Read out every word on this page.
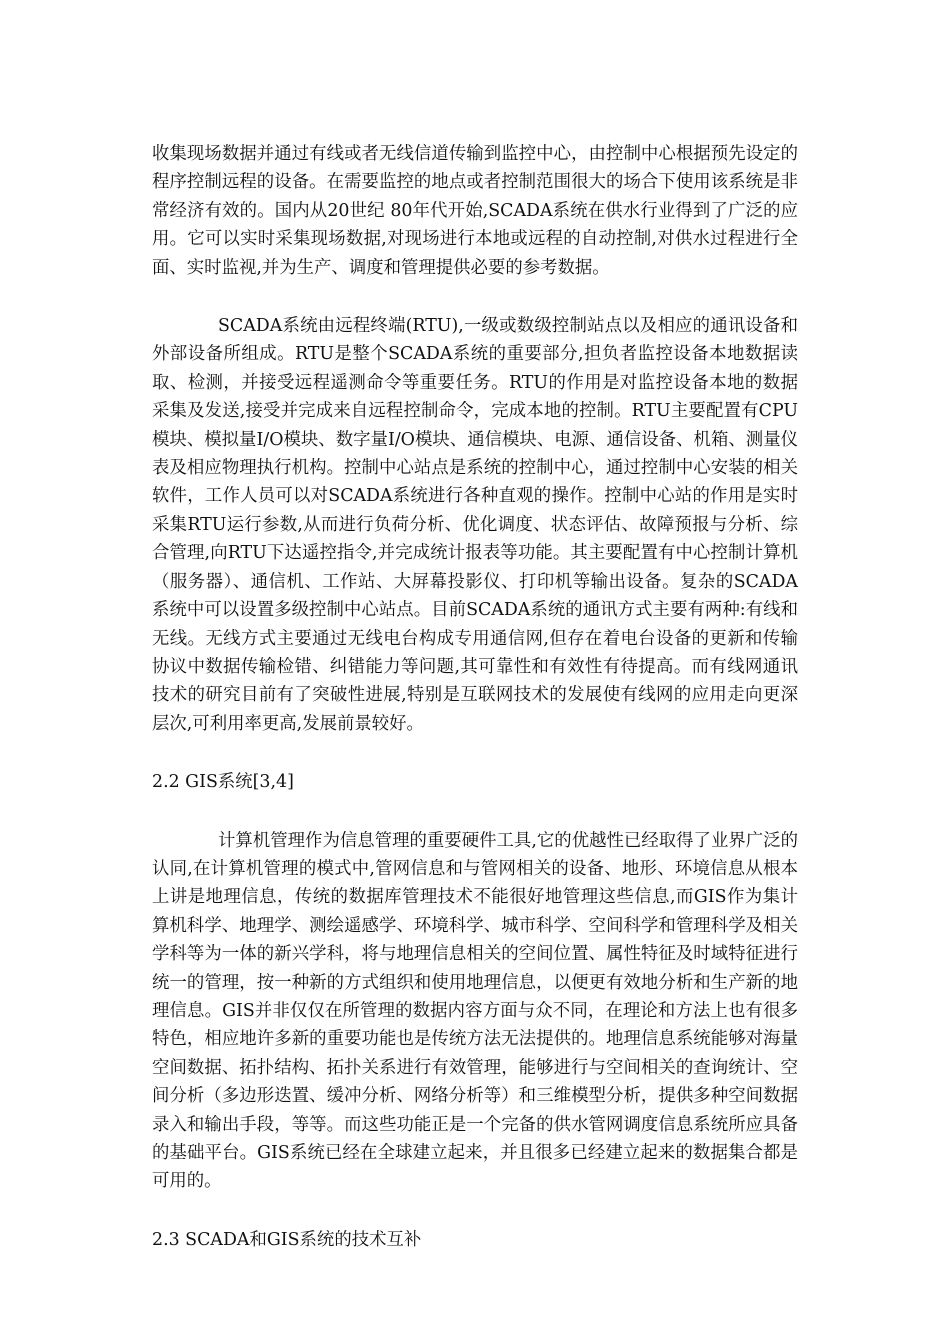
收集现场数据并通过有线或者无线信道传输到监控中心，由控制中心根据预先设定的程序控制远程的设备。在需要监控的地点或者控制范围很大的场合下使用该系统是非常经济有效的。国内从20世纪 80年代开始,SCADA系统在供水行业得到了广泛的应用。它可以实时采集现场数据,对现场进行本地或远程的自动控制,对供水过程进行全面、实时监视,并为生产、调度和管理提供必要的参考数据。

SCADA系统由远程终端(RTU),一级或数级控制站点以及相应的通讯设备和外部设备所组成。RTU是整个SCADA系统的重要部分,担负者监控设备本地数据读取、检测，并接受远程遥测命令等重要任务。RTU的作用是对监控设备本地的数据采集及发送,接受并完成来自远程控制命令，完成本地的控制。RTU主要配置有CPU模块、模拟量I/O模块、数字量I/O模块、通信模块、电源、通信设备、机箱、测量仪表及相应物理执行机构。控制中心站点是系统的控制中心，通过控制中心安装的相关软件，工作人员可以对SCADA系统进行各种直观的操作。控制中心站的作用是实时采集RTU运行参数,从而进行负荷分析、优化调度、状态评估、故障预报与分析、综合管理,向RTU下达遥控指令,并完成统计报表等功能。其主要配置有中心控制计算机（服务器）、通信机、工作站、大屏幕投影仪、打印机等输出设备。复杂的SCADA系统中可以设置多级控制中心站点。目前SCADA系统的通讯方式主要有两种:有线和无线。无线方式主要通过无线电台构成专用通信网,但存在着电台设备的更新和传输协议中数据传输检错、纠错能力等问题,其可靠性和有效性有待提高。而有线网通讯技术的研究目前有了突破性进展,特别是互联网技术的发展使有线网的应用走向更深层次,可利用率更高,发展前景较好。

2.2 GIS系统[3,4]

计算机管理作为信息管理的重要硬件工具,它的优越性已经取得了业界广泛的认同,在计算机管理的模式中,管网信息和与管网相关的设备、地形、环境信息从根本上讲是地理信息，传统的数据库管理技术不能很好地管理这些信息,而GIS作为集计算机科学、地理学、测绘遥感学、环境科学、城市科学、空间科学和管理科学及相关学科等为一体的新兴学科，将与地理信息相关的空间位置、属性特征及时域特征进行统一的管理，按一种新的方式组织和使用地理信息，以便更有效地分析和生产新的地理信息。GIS并非仅仅在所管理的数据内容方面与众不同，在理论和方法上也有很多特色，相应地许多新的重要功能也是传统方法无法提供的。地理信息系统能够对海量空间数据、拓扑结构、拓扑关系进行有效管理，能够进行与空间相关的查询统计、空间分析（多边形迭置、缓冲分析、网络分析等）和三维模型分析，提供多种空间数据录入和输出手段，等等。而这些功能正是一个完备的供水管网调度信息系统所应具备的基础平台。GIS系统已经在全球建立起来，并且很多已经建立起来的数据集合都是可用的。

2.3 SCADA和GIS系统的技术互补
